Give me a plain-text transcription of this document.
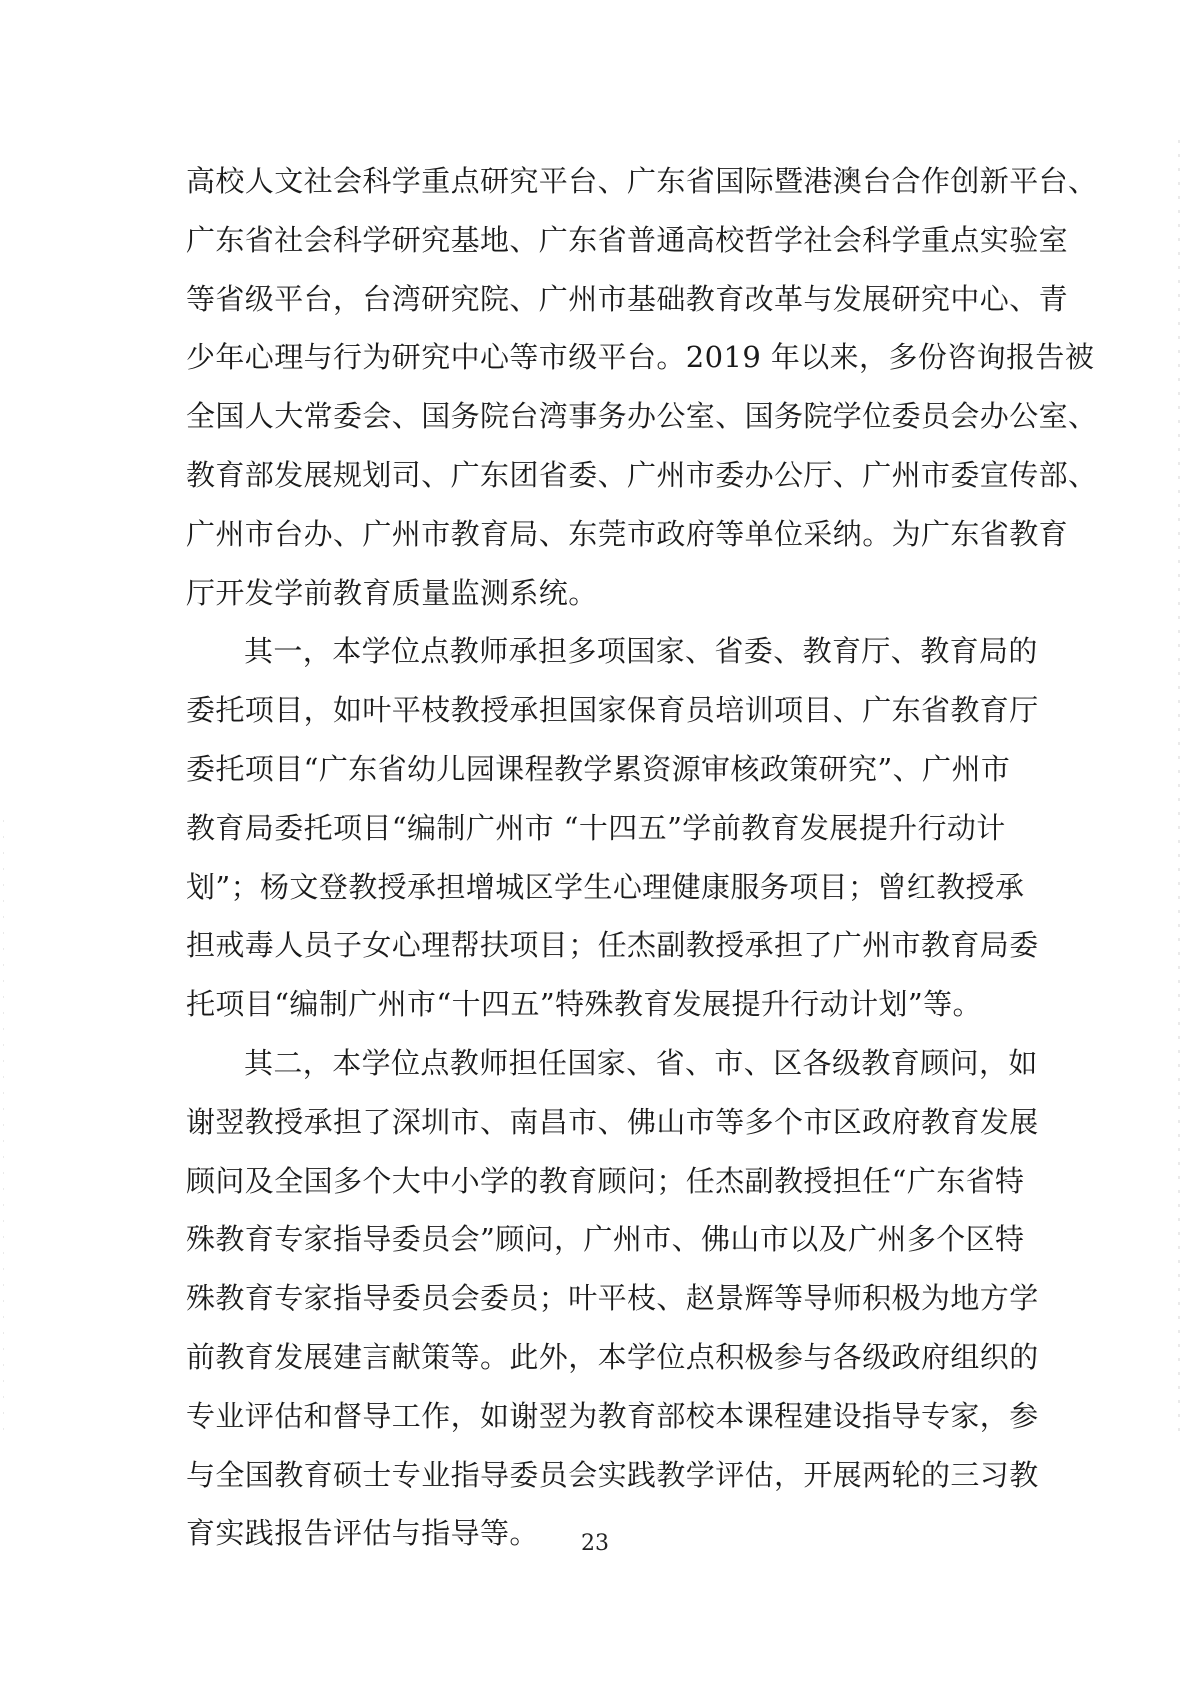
高校人文社会科学重点研究平台、广东省国际暨港澳台合作创新平台、
广东省社会科学研究基地、广东省普通高校哲学社会科学重点实验室
等省级平台，台湾研究院、广州市基础教育改革与发展研究中心、青
少年心理与行为研究中心等市级平台。2019 年以来，多份咨询报告被
全国人大常委会、国务院台湾事务办公室、国务院学位委员会办公室、
教育部发展规划司、广东团省委、广州市委办公厅、广州市委宣传部、
广州市台办、广州市教育局、东莞市政府等单位采纳。为广东省教育
厅开发学前教育质量监测系统。
其一，本学位点教师承担多项国家、省委、教育厅、教育局的
委托项目，如叶平枝教授承担国家保育员培训项目、广东省教育厅
委托项目“广东省幼儿园课程教学累资源审核政策研究”、广州市
教育局委托项目“编制广州市 “十四五”学前教育发展提升行动计
划”；杨文登教授承担增城区学生心理健康服务项目；曾红教授承
担戒毒人员子女心理帮扶项目；任杰副教授承担了广州市教育局委
托项目“编制广州市“十四五”特殊教育发展提升行动计划”等。
其二，本学位点教师担任国家、省、市、区各级教育顾问，如
谢翌教授承担了深圳市、南昌市、佛山市等多个市区政府教育发展
顾问及全国多个大中小学的教育顾问；任杰副教授担任“广东省特
殊教育专家指导委员会”顾问，广州市、佛山市以及广州多个区特
殊教育专家指导委员会委员；叶平枝、赵景辉等导师积极为地方学
前教育发展建言献策等。此外，本学位点积极参与各级政府组织的
专业评估和督导工作，如谢翌为教育部校本课程建设指导专家，参
与全国教育硕士专业指导委员会实践教学评估，开展两轮的三习教
育实践报告评估与指导等。	23
